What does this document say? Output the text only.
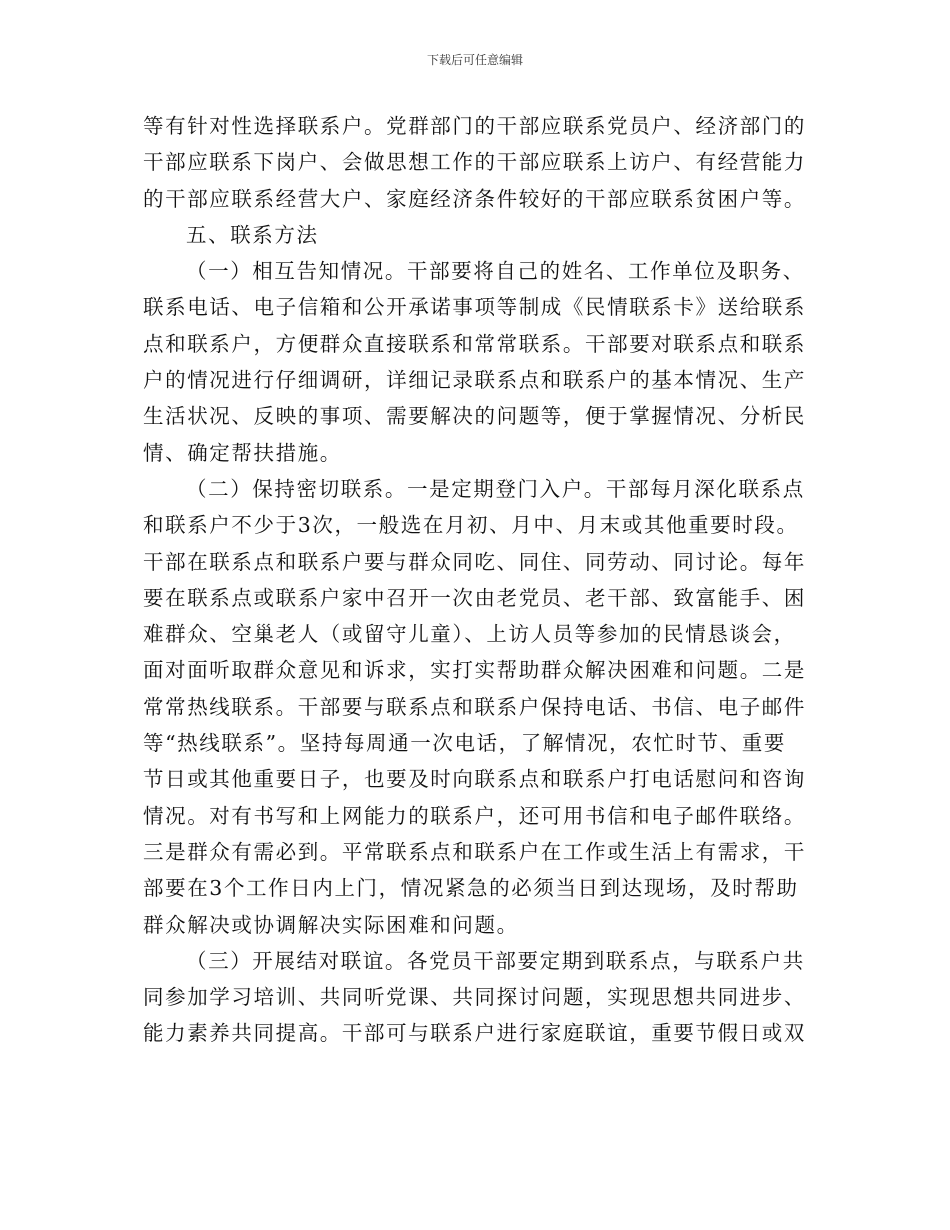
下载后可任意编辑
等有针对性选择联系户。党群部门的干部应联系党员户、经济部门的
干部应联系下岗户、会做思想工作的干部应联系上访户、有经营能力
的干部应联系经营大户、家庭经济条件较好的干部应联系贫困户等。
五、联系方法
（一）相互告知情况。干部要将自己的姓名、工作单位及职务、
联系电话、电子信箱和公开承诺事项等制成《民情联系卡》送给联系
点和联系户，方便群众直接联系和常常联系。干部要对联系点和联系
户的情况进行仔细调研，详细记录联系点和联系户的基本情况、生产
生活状况、反映的事项、需要解决的问题等，便于掌握情况、分析民
情、确定帮扶措施。
（二）保持密切联系。一是定期登门入户。干部每月深化联系点
和联系户不少于3次，一般选在月初、月中、月末或其他重要时段。
干部在联系点和联系户要与群众同吃、同住、同劳动、同讨论。每年
要在联系点或联系户家中召开一次由老党员、老干部、致富能手、困
难群众、空巢老人（或留守儿童）、上访人员等参加的民情恳谈会，
面对面听取群众意见和诉求，实打实帮助群众解决困难和问题。二是
常常热线联系。干部要与联系点和联系户保持电话、书信、电子邮件
等“热线联系”。坚持每周通一次电话，了解情况，农忙时节、重要
节日或其他重要日子，也要及时向联系点和联系户打电话慰问和咨询
情况。对有书写和上网能力的联系户，还可用书信和电子邮件联络。
三是群众有需必到。平常联系点和联系户在工作或生活上有需求，干
部要在3个工作日内上门，情况紧急的必须当日到达现场，及时帮助
群众解决或协调解决实际困难和问题。
（三）开展结对联谊。各党员干部要定期到联系点，与联系户共
同参加学习培训、共同听党课、共同探讨问题，实现思想共同进步、
能力素养共同提高。干部可与联系户进行家庭联谊，重要节假日或双
